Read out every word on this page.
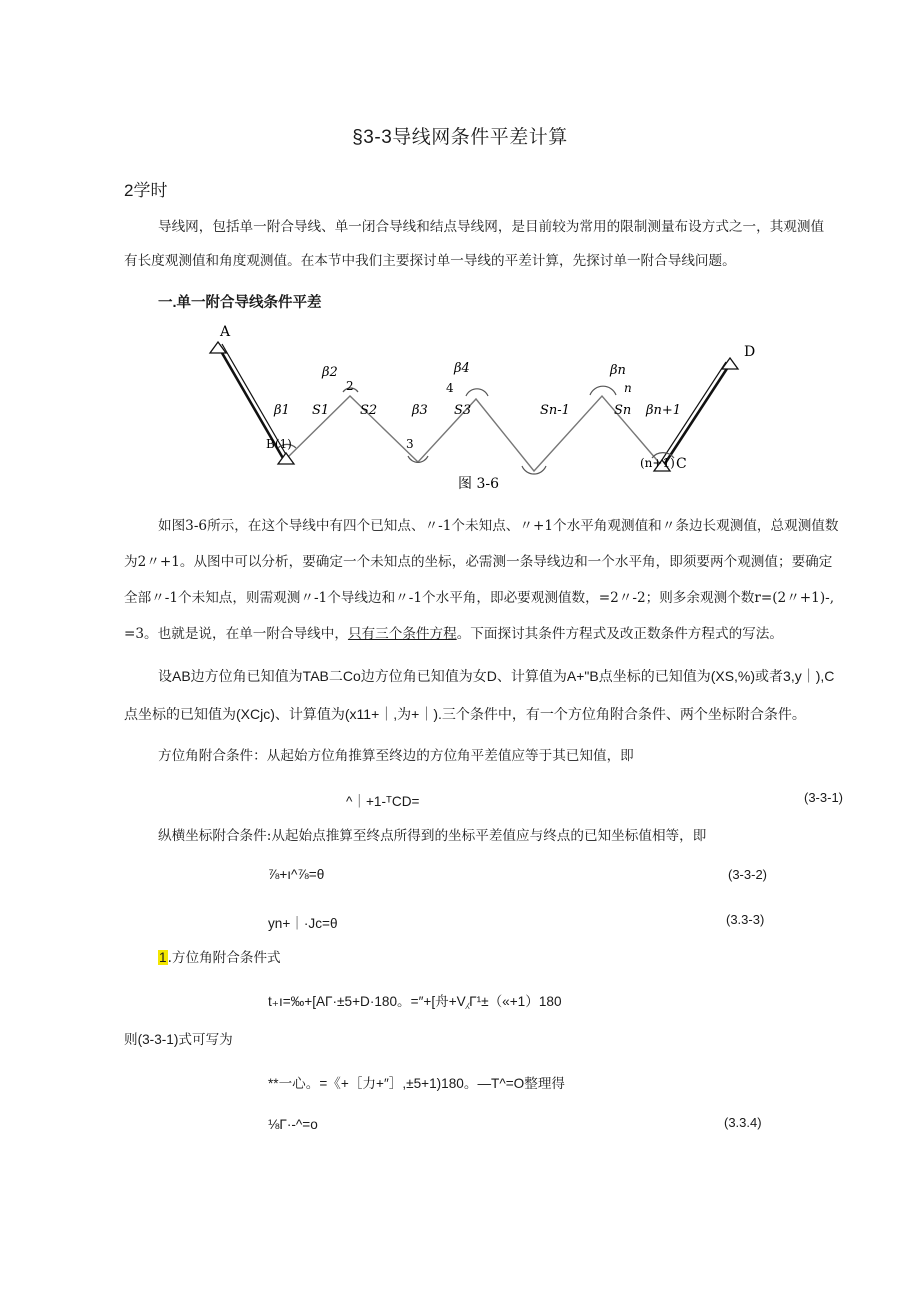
§3-3导线网条件平差计算
2学时
导线网，包括单一附合导线、单一闭合导线和结点导线网，是目前较为常用的限制测量布设方式之一，其观测值
有长度观测值和角度观测值。在本节中我们主要探讨单一导线的平差计算，先探讨单一附合导线问题。
一.单一附合导线条件平差
A
D
B(1)
(n+1) C
β1
β2
β3
β4	βn
βn+1
S1 S2	S3	Sn-1	Sn
2
3
4	n
图 3-6
如图3-6所示，在这个导线中有四个已知点、〃-1个未知点、〃+1个水平角观测值和〃条边长观测值，总观测值数
为2〃+1。从图中可以分析，要确定一个未知点的坐标，必需测一条导线边和一个水平角，即须要两个观测值；要确定
全部〃-1个未知点，则需观测〃-1个导线边和〃-1个水平角，即必要观测值数，=2〃-2；则多余观测个数r=(2〃+1)-,
=3。也就是说，在单一附合导线中，只有三个条件方程。下面探讨其条件方程式及改正数条件方程式的写法。
设AB边方位角已知值为TAB二Co边方位角已知值为女D、计算值为A+"B点坐标的已知值为(XS,%)或者3,y｜),C
点坐标的已知值为(XCjc)、计算值为(x11+｜,为+｜).三个条件中，有一个方位角附合条件、两个坐标附合条件。
方位角附合条件：从起始方位角推算至终边的方位角平差值应等于其已知值，即
^｜+1-ᵀCD=	(3-3-1)
纵横坐标附合条件:从起始点推算至终点所得到的坐标平差值应与终点的已知坐标值相等，即
⅞+ı^⅞=θ	(3-3-2)
yn+｜·Jc=θ	(3.3-3)
1.方位角附合条件式
t₊ı=‰+[AΓ·±5+D·180。=″+[舟+V⁁Γ¹±（«+1）180
则(3-3-1)式可写为
**一心。=《+［力+″］,±5+1)180。—T^=O整理得
⅛Γ·-^=o	(3.3.4)
